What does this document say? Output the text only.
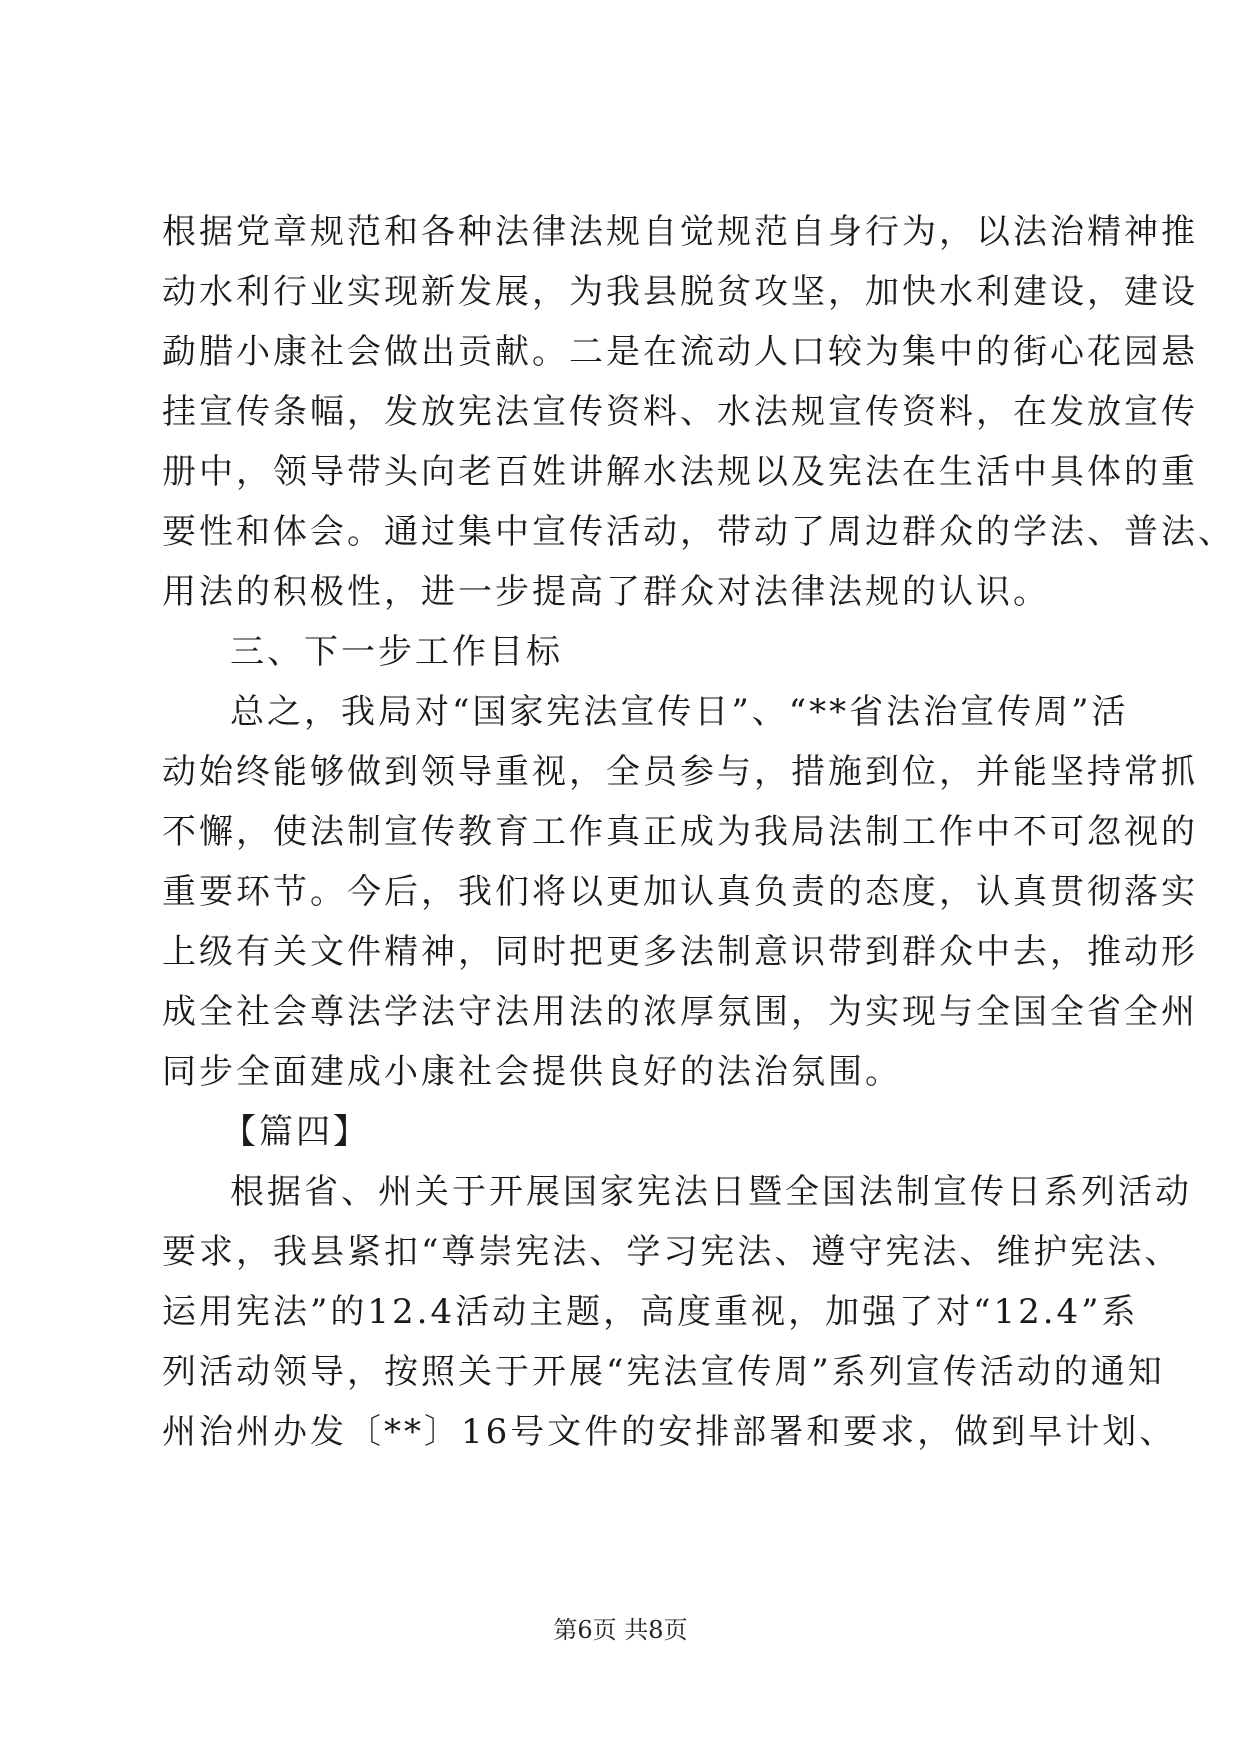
根据党章规范和各种法律法规自觉规范自身行为，以法治精神推
动水利行业实现新发展，为我县脱贫攻坚，加快水利建设，建设
勐腊小康社会做出贡献。二是在流动人口较为集中的街心花园悬
挂宣传条幅，发放宪法宣传资料、水法规宣传资料，在发放宣传
册中，领导带头向老百姓讲解水法规以及宪法在生活中具体的重
要性和体会。通过集中宣传活动，带动了周边群众的学法、普法、
用法的积极性，进一步提高了群众对法律法规的认识。
三、下一步工作目标
总之，我局对“国家宪法宣传日”、“**省法治宣传周”活
动始终能够做到领导重视，全员参与，措施到位，并能坚持常抓
不懈，使法制宣传教育工作真正成为我局法制工作中不可忽视的
重要环节。今后，我们将以更加认真负责的态度，认真贯彻落实
上级有关文件精神，同时把更多法制意识带到群众中去，推动形
成全社会尊法学法守法用法的浓厚氛围，为实现与全国全省全州
同步全面建成小康社会提供良好的法治氛围。
【篇四】
根据省、州关于开展国家宪法日暨全国法制宣传日系列活动
要求，我县紧扣“尊崇宪法、学习宪法、遵守宪法、维护宪法、
运用宪法”的12.4活动主题，高度重视，加强了对“12.4”系
列活动领导，按照关于开展“宪法宣传周”系列宣传活动的通知
州治州办发〔**〕16号文件的安排部署和要求，做到早计划、
第6页 共8页
